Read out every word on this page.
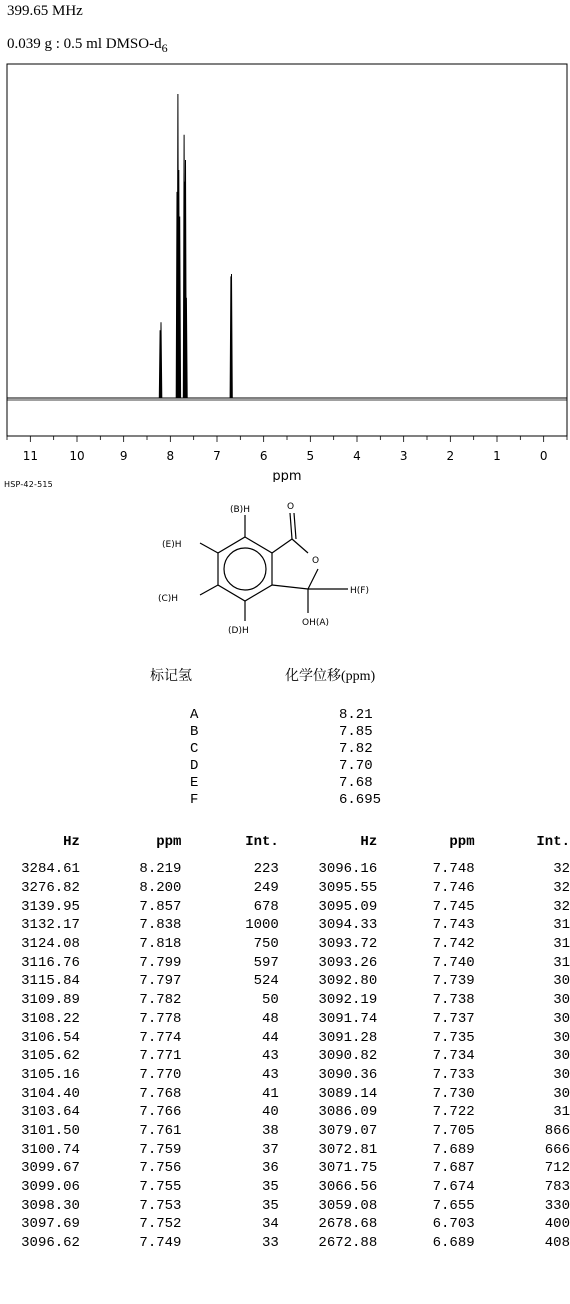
399.65 MHz
0.039 g : 0.5 ml DMSO-$d_6$
11	10	9	8	7	6	5	4	3	2	1	0
ppm
HSP-42-515
(B)H
(E)H
(C)H
(D)H
O
O
H(F)
OH(A)
标记氢	化学位移(ppm)
A	8.21
B	7.85
C	7.82
D	7.70
E	7.68
F	6.695
Hz	ppm	Int.	Hz	ppm	Int.
3284.61	8.219	223	3096.16	7.748	32
3276.82	8.200	249	3095.55	7.746	32
3139.95	7.857	678	3095.09	7.745	32
3132.17	7.838	1000	3094.33	7.743	31
3124.08	7.818	750	3093.72	7.742	31
3116.76	7.799	597	3093.26	7.740	31
3115.84	7.797	524	3092.80	7.739	30
3109.89	7.782	50	3092.19	7.738	30
3108.22	7.778	48	3091.74	7.737	30
3106.54	7.774	44	3091.28	7.735	30
3105.62	7.771	43	3090.82	7.734	30
3105.16	7.770	43	3090.36	7.733	30
3104.40	7.768	41	3089.14	7.730	30
3103.64	7.766	40	3086.09	7.722	31
3101.50	7.761	38	3079.07	7.705	866
3100.74	7.759	37	3072.81	7.689	666
3099.67	7.756	36	3071.75	7.687	712
3099.06	7.755	35	3066.56	7.674	783
3098.30	7.753	35	3059.08	7.655	330
3097.69	7.752	34	2678.68	6.703	400
3096.62	7.749	33	2672.88	6.689	408
